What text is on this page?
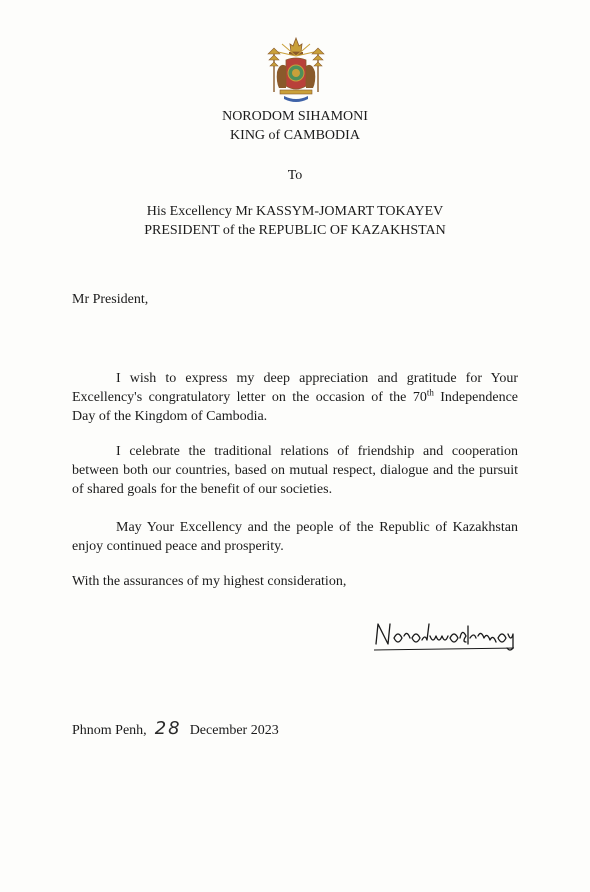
NORODOM SIHAMONI
KING of CAMBODIA
To
His Excellency Mr KASSYM-JOMART TOKAYEV
PRESIDENT of the REPUBLIC OF KAZAKHSTAN
Mr President,

I wish to express my deep appreciation and gratitude for Your Excellency's congratulatory letter on the occasion of the 70th Independence Day of the Kingdom of Cambodia.

I celebrate the traditional relations of friendship and cooperation between both our countries, based on mutual respect, dialogue and the pursuit of shared goals for the benefit of our societies.

May Your Excellency and the people of the Republic of Kazakhstan enjoy continued peace and prosperity.

With the assurances of my highest consideration,
Phnom Penh, 28 December 2023
